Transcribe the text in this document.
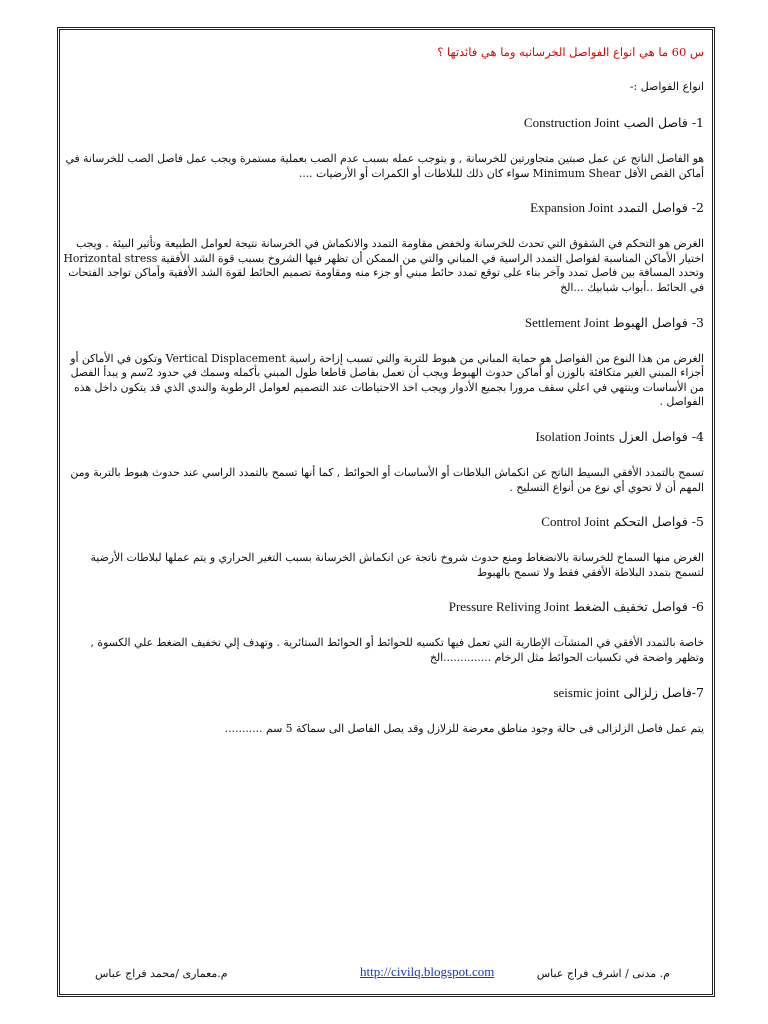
س 60 ما هي انواع الفواصل الخرسانيه وما هي فائدتها ؟

انواع الفواصل :-

1- فاصل الصب Construction Joint

هو الفاصل الناتج عن عمل صبتين متجاورتين للخرسانة , و يتوجب عمله بسبب عدم الصب بعملية مستمرة ويجب عمل فاصل الصب للخرسانة في أماكن القص الأقل Minimum Shear سواء كان ذلك للبلاطات أو الكمرات أو الأرضيات ....

2- فواصل التمدد Expansion Joint

الغرض هو التحكم في الشقوق التي تحدث للخرسانة ولخفض مقاومة التمدد والانكماش في الخرسانة نتيجة لعوامل الطبيعة وتأثير البيئة . ويجب اختيار الأماكن المناسبة لفواصل التمدد الراسية في المباني والتي من الممكن أن تظهر فيها الشروخ بسبب قوة الشد الأفقية Horizontal stress وتحدد المسافة بين فاصل تمدد وآخر بناء على توقع تمدد حائط مبني أو جزء منه ومقاومة تصميم الحائط لقوة الشد الأفقية وأماكن تواجد الفتحات في الحائط ..أبواب شبابيك ...الخ

3- فواصل الهبوط Settlement Joint

الغرض من هذا النوع من الفواصل هو حماية المباني من هبوط للتربة والتي تسبب إزاحة راسية Vertical Displacement وتكون في الأماكن أو أجزاء المبني الغير متكافئة بالوزن أو أماكن حدوث الهبوط ويجب أن تعمل بفاصل قاطعا طول المبني بأكمله وسمك في حدود 2سم و يبدأ الفصل من الأساسات وينتهي في اعلي سقف مرورا بجميع الأدوار ويجب اخذ الاحتياطات عند التصميم لعوامل الرطوبة والندي الذي قد يتكون داخل هذه الفواصل .

4- فواصل العزل Isolation Joints

تسمح بالتمدد الأفقي البسيط الناتج عن انكماش البلاطات أو الأساسات أو الحوائط , كما أنها تسمح بالتمدد الراسي عند حدوث هبوط بالتربة ومن المهم أن لا تحوي أي نوع من أنواع التسليح .

5- فواصل التحكم Control Joint

الغرض منها السماح للخرسانة بالانضغاط ومنع حدوث شروخ ناتجة عن انكماش الخرسانة بسبب التغير الحراري و يتم عملها لبلاطات الأرضية لتسمح بتمدد البلاطة الأفقي فقط ولا تسمح بالهبوط

6- فواصل تخفيف الضغط Pressure Reliving Joint

خاصة بالتمدد الأفقي في المنشآت الإطارية التي تعمل فيها تكسيه للحوائط أو الحوائط الستائرية . وتهدف إلي تخفيف الضغط علي الكسوة , وتظهر واضحة في تكسيات الحوائط مثل الرخام ..............الخ

7-فاصل زلزالى seismic joint

يتم عمل فاصل الزلزالى فى حالة وجود مناطق معرضة للزلازل وقد يصل الفاصل الى سماكة 5 سم ...........

م. مدنى / اشرف فراج عباس
http://civilq.blogspot.com
م.معمارى /محمد فراج عباس
